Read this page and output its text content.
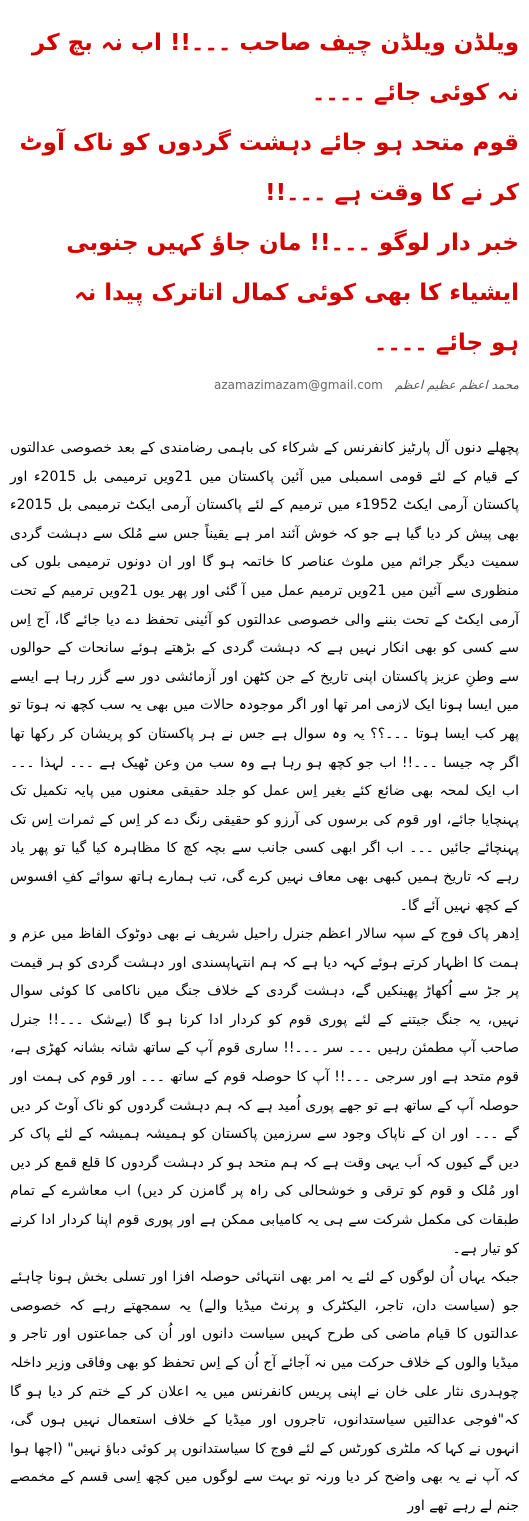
ویلڈن ویلڈن چیف صاحب ۔۔۔!! اب نہ بچ کر نہ کوئی جائے ۔۔۔۔

قوم متحد ہو جائے دہشت گردوں کو ناک آوٹ کر نے کا وقت ہے ۔۔۔!!

خبر دار لوگو ۔۔۔!! مان جاؤ کہیں جنوبی ایشیاء کا بھی کوئی کمال اتاترک پیدا نہ

ہو جائے ۔۔۔۔

محمد اعظم عظیم اعظم
azamazimazam@gmail.com

پچھلے دنوں آل پارٹیز کانفرنس کے شرکاء کی باہمی رضامندی کے بعد خصوصی عدالتوں کے قیام کے لئے قومی اسمبلی میں آئین پاکستان میں 21ویں ترمیمی بل 2015ء اور پاکستان آرمی ایکٹ 1952ء میں ترمیم کے لئے پاکستان آرمی ایکٹ ترمیمی بل 2015ء بھی پیش کر دیا گیا ہے جو کہ خوش آئند امر ہے یقیناً جس سے مُلک سے دہشت گردی سمیت دیگر جرائم میں ملوث عناصر کا خاتمہ ہو گا اور ان دونوں ترمیمی بلوں کی منظوری سے آئین میں 21ویں ترمیم عمل میں آ گئی اور پھر یوں 21ویں ترمیم کے تحت آرمی ایکٹ کے تحت بننے والی خصوصی عدالتوں کو آئینی تحفظ دے دیا جائے گا، آج اِس سے کسی کو بھی انکار نہیں ہے کہ دہشت گردی کے بڑھتے ہوئے سانحات کے حوالوں سے وطنِ عزیز پاکستان اپنی تاریخ کے جن کٹھن اور آزمائشی دور سے گزر رہا ہے ایسے میں ایسا ہونا ایک لازمی امر تھا اور اگر موجودہ حالات میں بھی یہ سب کچھ نہ ہوتا تو پھر کب ایسا ہوتا ۔۔۔؟؟ یہ وہ سوال ہے جس نے ہر پاکستان کو پریشان کر رکھا تھا اگر چہ جیسا ۔۔۔!! اب جو کچھ ہو رہا ہے وہ سب من وعن ٹھیک ہے ۔۔۔ لہذا ۔۔۔ اب ایک لمحہ بھی ضائع کئے بغیر اِس عمل کو جلد حقیقی معنوں میں پایہ تکمیل تک پہنچایا جائے، اور قوم کی برسوں کی آرزو کو حقیقی رنگ دے کر اِس کے ثمرات اِس تک پہنچائے جائیں ۔۔۔ اب اگر ابھی کسی جانب سے بچہ کچ کا مظاہرہ کیا گیا تو پھر یاد رہے کہ تاریخ ہمیں کبھی بھی معاف نہیں کرے گی، تب ہمارے ہاتھ سوائے کفِ افسوس کے کچھ نہیں آئے گا۔

اِدھر پاک فوج کے سپہ سالار اعظم جنرل راحیل شریف نے بھی دوٹوک الفاظ میں عزم و ہمت کا اظہار کرتے ہوئے کہہ دیا ہے کہ ہم انتہاپسندی اور دہشت گردی کو ہر قیمت پر جڑ سے اُکھاڑ پھینکیں گے، دہشت گردی کے خلاف جنگ میں ناکامی کا کوئی سوال نہیں، یہ جنگ جیتنے کے لئے پوری قوم کو کردار ادا کرنا ہو گا (بےشک ۔۔۔!! جنرل صاحب آپ مطمئن رہیں ۔۔۔ سر ۔۔۔!! ساری قوم آپ کے ساتھ شانہ بشانہ کھڑی ہے، قوم متحد ہے اور سرجی ۔۔۔!! آپ کا حوصلہ قوم کے ساتھ ۔۔۔ اور قوم کی ہمت اور حوصلہ آپ کے ساتھ ہے تو جھے پوری اُمید ہے کہ ہم دہشت گردوں کو ناک آوٹ کر دیں گے ۔۔۔ اور ان کے ناپاک وجود سے سرزمین پاکستان کو ہمیشہ ہمیشہ کے لئے پاک کر دیں گے کیوں کہ اَب یہی وقت ہے کہ ہم متحد ہو کر دہشت گردوں کا قلع قمع کر دیں اور مُلک و قوم کو ترقی و خوشحالی کی راہ پر گامزن کر دیں) اب معاشرے کے تمام طبقات کی مکمل شرکت سے ہی یہ کامیابی ممکن ہے اور پوری قوم اپنا کردار ادا کرنے کو تیار ہے۔

جبکہ یہاں اُن لوگوں کے لئے یہ امر بھی انتہائی حوصلہ افزا اور تسلی بخش ہونا چاہئے جو (سیاست دان، تاجر، الیکٹرک و پرنٹ میڈیا والے) یہ سمجھتے رہے کہ خصوصی عدالتوں کا قیام ماضی کی طرح کہیں سیاست دانوں اور اُن کی جماعتوں اور تاجر و میڈیا والوں کے خلاف حرکت میں نہ آجائے آج اُن کے اِس تحفظ کو بھی وفاقی وزیر داخلہ چوہدری نثار علی خان نے اپنی پریس کانفرنس میں یہ اعلان کر کے ختم کر دیا ہو گا کہ"فوجی عدالتیں سیاستدانوں، تاجروں اور میڈیا کے خلاف استعمال نہیں ہوں گی، انہوں نے کہا کہ ملٹری کورٹس کے لئے فوج کا سیاستدانوں پر کوئی دباؤ نہیں" (اچھا ہوا کہ آپ نے یہ بھی واضح کر دیا ورنہ تو بہت سے لوگوں میں کچھ اِسی قسم کے مخمصے جنم لے رہے تھے اور
